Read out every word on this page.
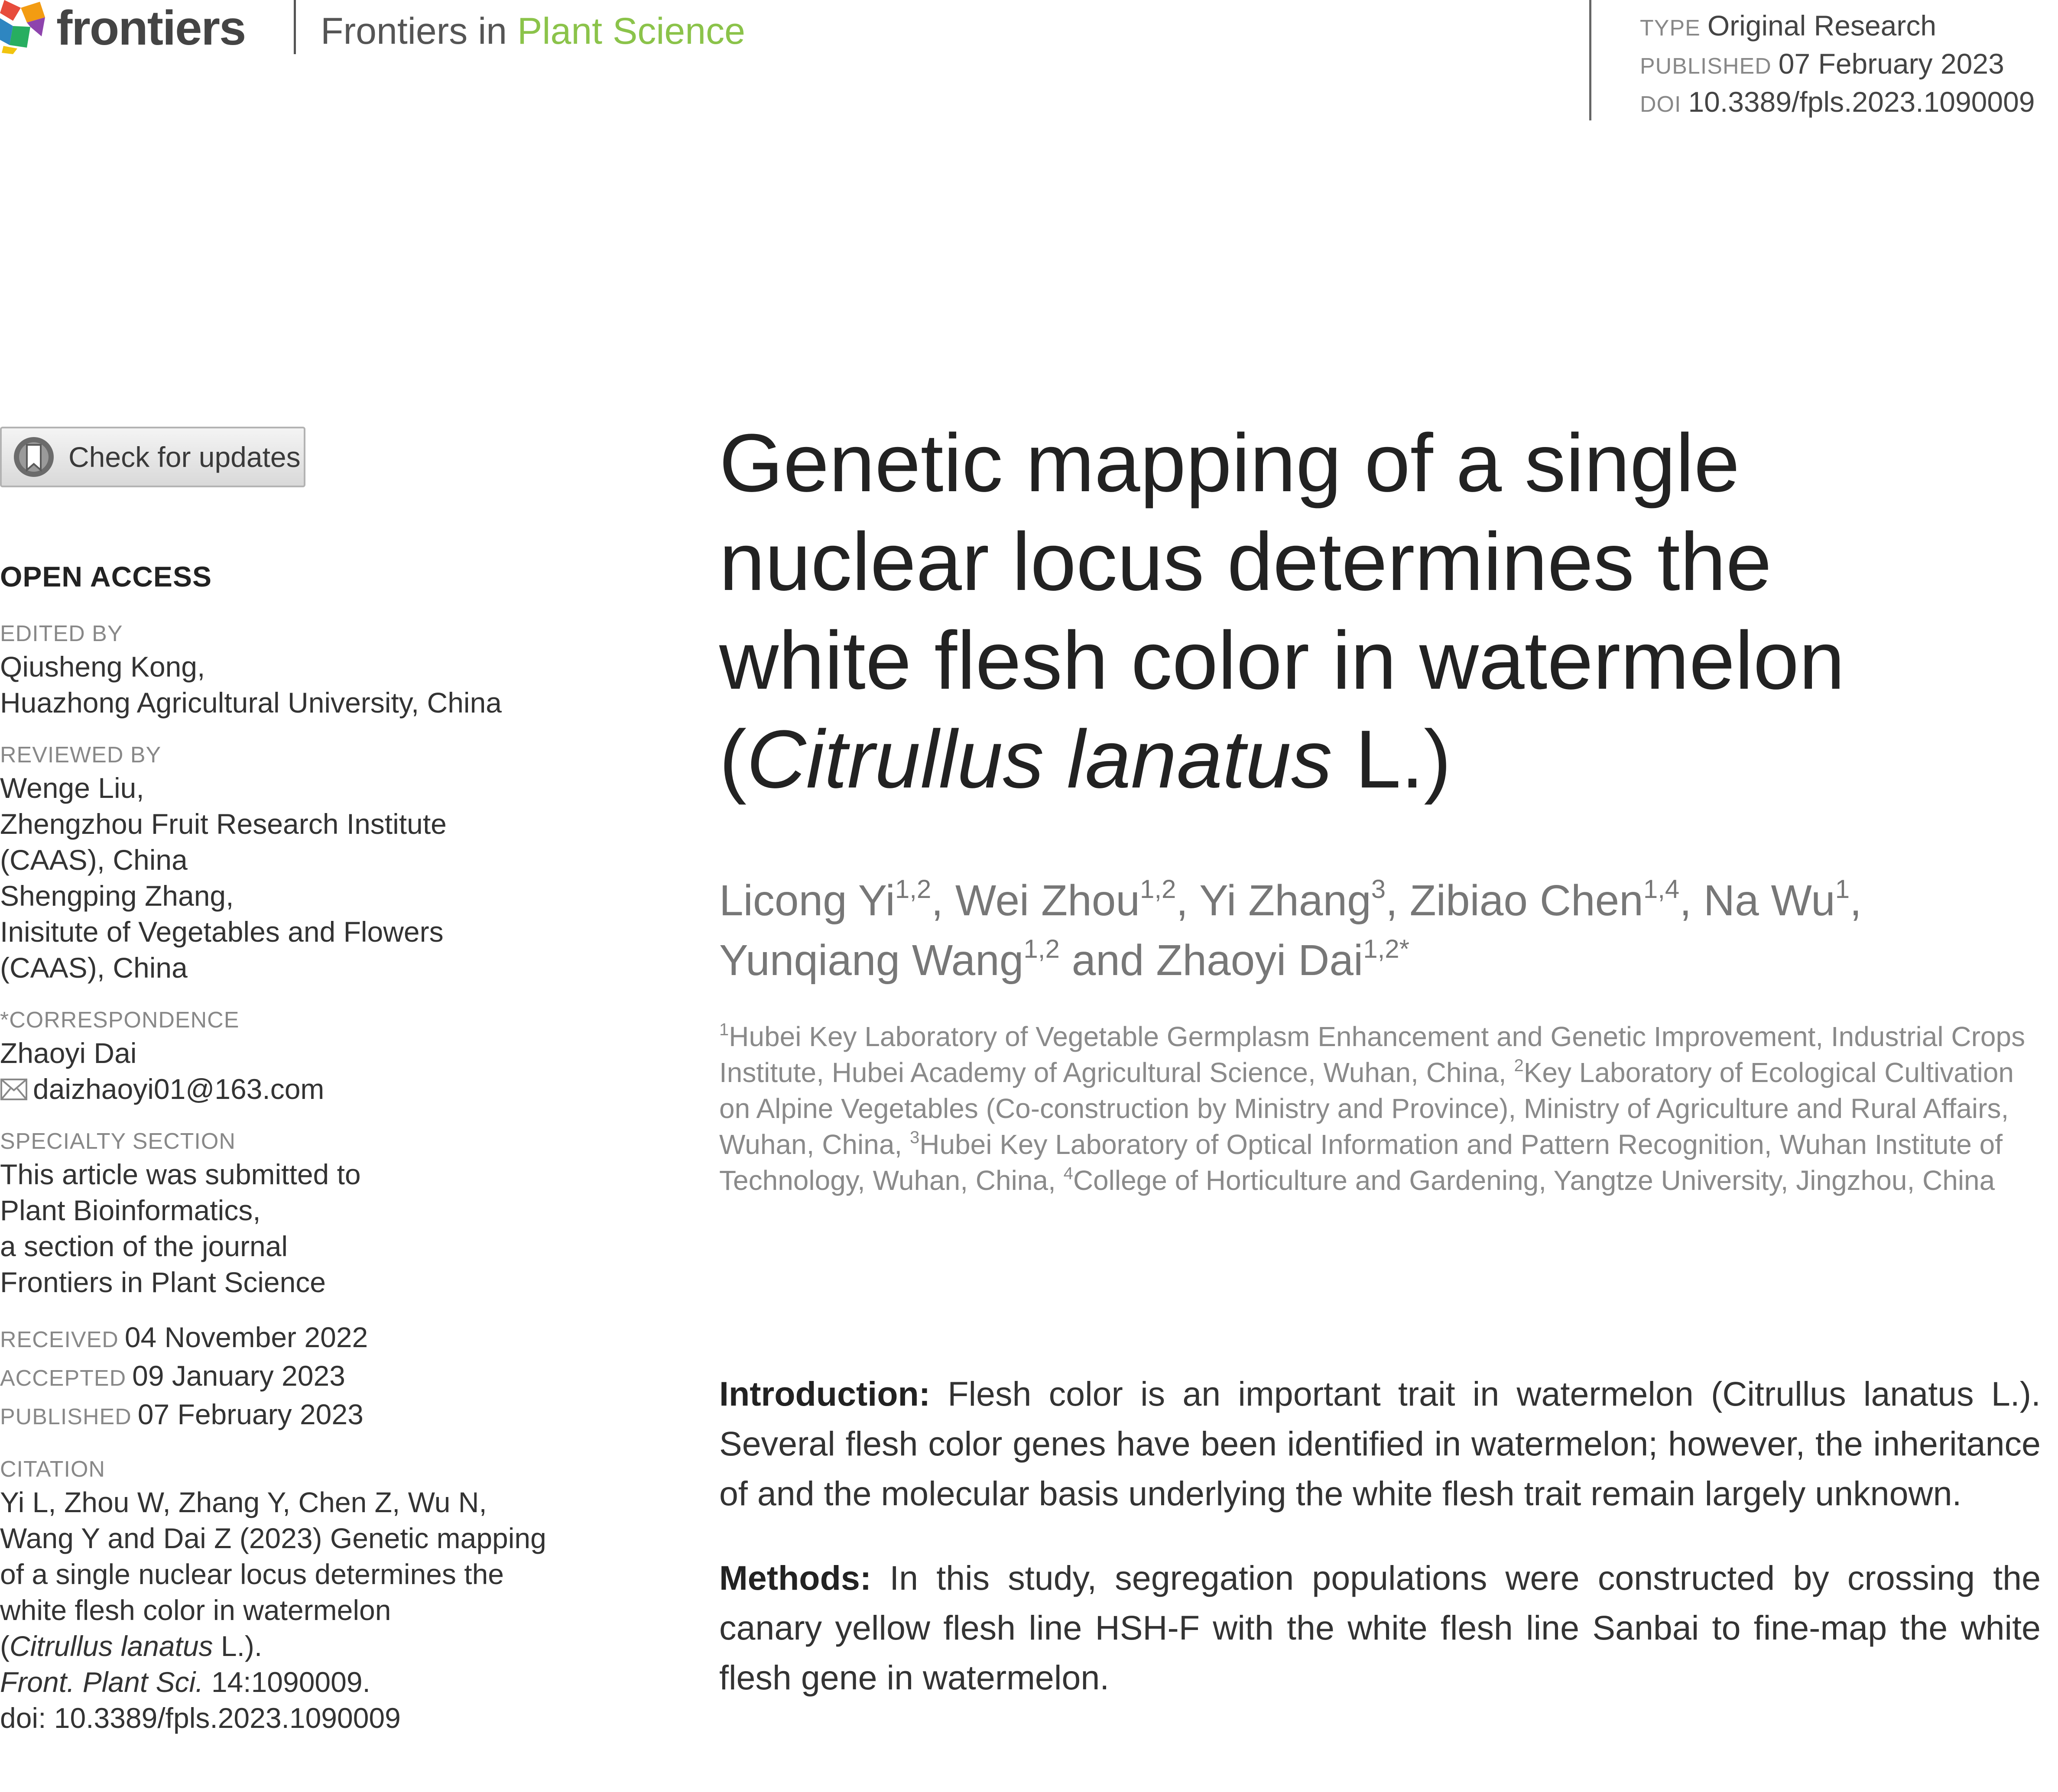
frontiers Frontiers in Plant Science	TYPE Original Research
PUBLISHED 07 February 2023
DOI 10.3389/fpls.2023.1090009
Check for updates
OPEN ACCESS
EDITED BY
Qiusheng Kong,
Huazhong Agricultural University, China
REVIEWED BY
Wenge Liu,
Zhengzhou Fruit Research Institute
(CAAS), China
Shengping Zhang,
Inisitute of Vegetables and Flowers
(CAAS), China
*CORRESPONDENCE
Zhaoyi Dai
daizhaoyi01@163.com
SPECIALTY SECTION
This article was submitted to
Plant Bioinformatics,
a section of the journal
Frontiers in Plant Science
RECEIVED 04 November 2022
ACCEPTED 09 January 2023
PUBLISHED 07 February 2023
CITATION
Yi L, Zhou W, Zhang Y, Chen Z, Wu N,
Wang Y and Dai Z (2023) Genetic mapping
of a single nuclear locus determines the
white flesh color in watermelon
(Citrullus lanatus L.).
Front. Plant Sci. 14:1090009.
doi: 10.3389/fpls.2023.1090009
Genetic mapping of a single
nuclear locus determines the
white flesh color in watermelon
(Citrullus lanatus L.)
Licong Yi$^{1,2}$, Wei Zhou$^{1,2}$, Yi Zhang$^3$, Zibiao Chen$^{1,4}$, Na Wu$^1$,
Yunqiang Wang$^{1,2}$ and Zhaoyi Dai$^{1,2*}$
$^1$Hubei Key Laboratory of Vegetable Germplasm Enhancement and Genetic Improvement, Industrial Crops Institute, Hubei Academy of Agricultural Science, Wuhan, China, $^2$Key Laboratory of Ecological Cultivation on Alpine Vegetables (Co-construction by Ministry and Province), Ministry of Agriculture and Rural Affairs, Wuhan, China, $^3$Hubei Key Laboratory of Optical Information and Pattern Recognition, Wuhan Institute of Technology, Wuhan, China, $^4$College of Horticulture and Gardening, Yangtze University, Jingzhou, China

Introduction: Flesh color is an important trait in watermelon (Citrullus lanatus L.). Several flesh color genes have been identified in watermelon; however, the inheritance of and the molecular basis underlying the white flesh trait remain largely unknown.

Methods: In this study, segregation populations were constructed by crossing the canary yellow flesh line HSH-F with the white flesh line Sanbai to fine-map the white flesh gene in watermelon.
